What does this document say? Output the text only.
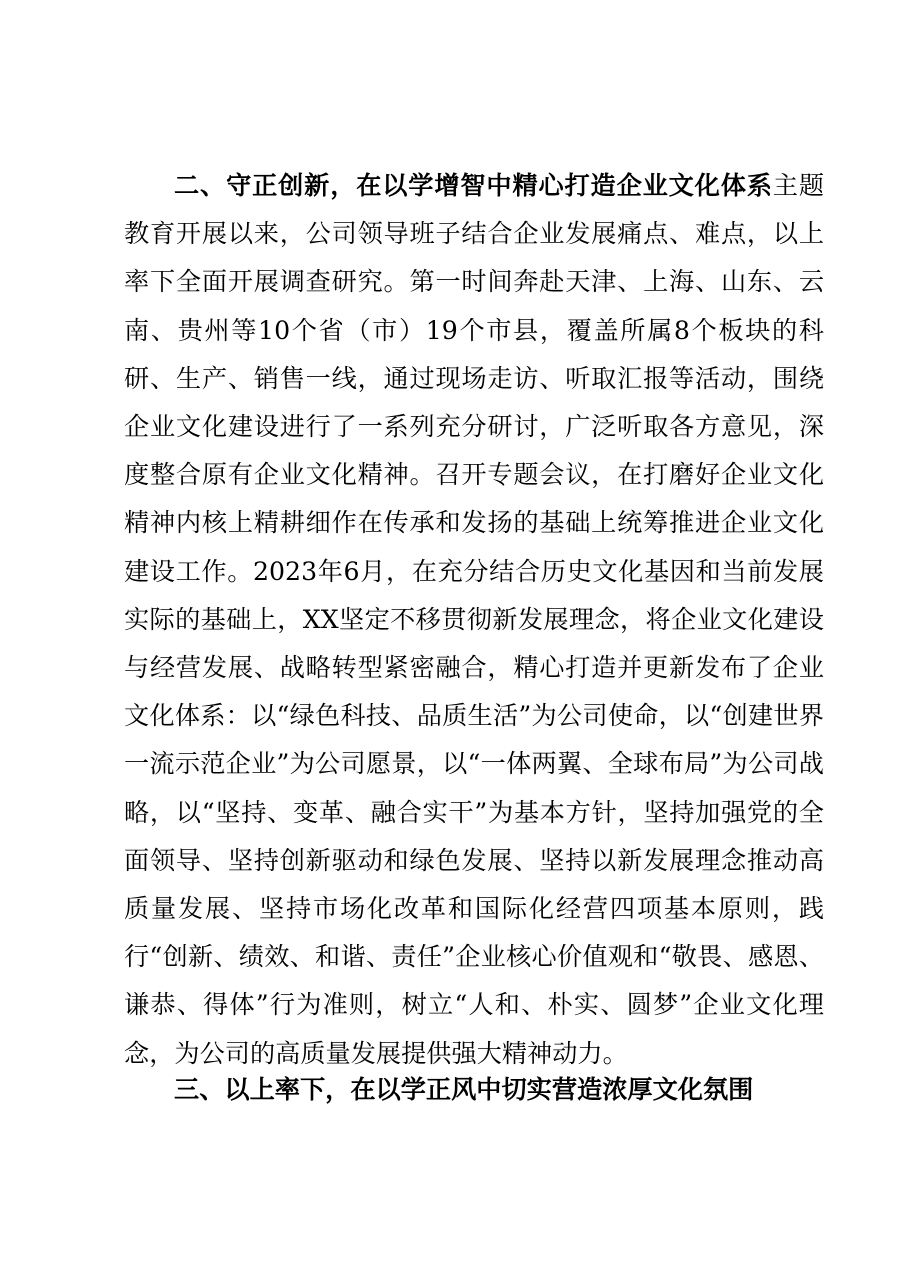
二、守正创新，在以学增智中精心打造企业文化体系主题教育开展以来，公司领导班子结合企业发展痛点、难点，以上率下全面开展调查研究。第一时间奔赴天津、上海、山东、云南、贵州等10个省（市）19个市县，覆盖所属8个板块的科研、生产、销售一线，通过现场走访、听取汇报等活动，围绕企业文化建设进行了一系列充分研讨，广泛听取各方意见，深度整合原有企业文化精神。召开专题会议，在打磨好企业文化精神内核上精耕细作在传承和发扬的基础上统筹推进企业文化建设工作。2023年6月，在充分结合历史文化基因和当前发展实际的基础上，XX坚定不移贯彻新发展理念，将企业文化建设与经营发展、战略转型紧密融合，精心打造并更新发布了企业文化体系：以“绿色科技、品质生活”为公司使命，以“创建世界一流示范企业”为公司愿景，以“一体两翼、全球布局”为公司战略，以“坚持、变革、融合实干”为基本方针，坚持加强党的全面领导、坚持创新驱动和绿色发展、坚持以新发展理念推动高质量发展、坚持市场化改革和国际化经营四项基本原则，践行“创新、绩效、和谐、责任”企业核心价值观和“敬畏、感恩、谦恭、得体”行为准则，树立“人和、朴实、圆梦”企业文化理念，为公司的高质量发展提供强大精神动力。

三、以上率下，在以学正风中切实营造浓厚文化氛围
